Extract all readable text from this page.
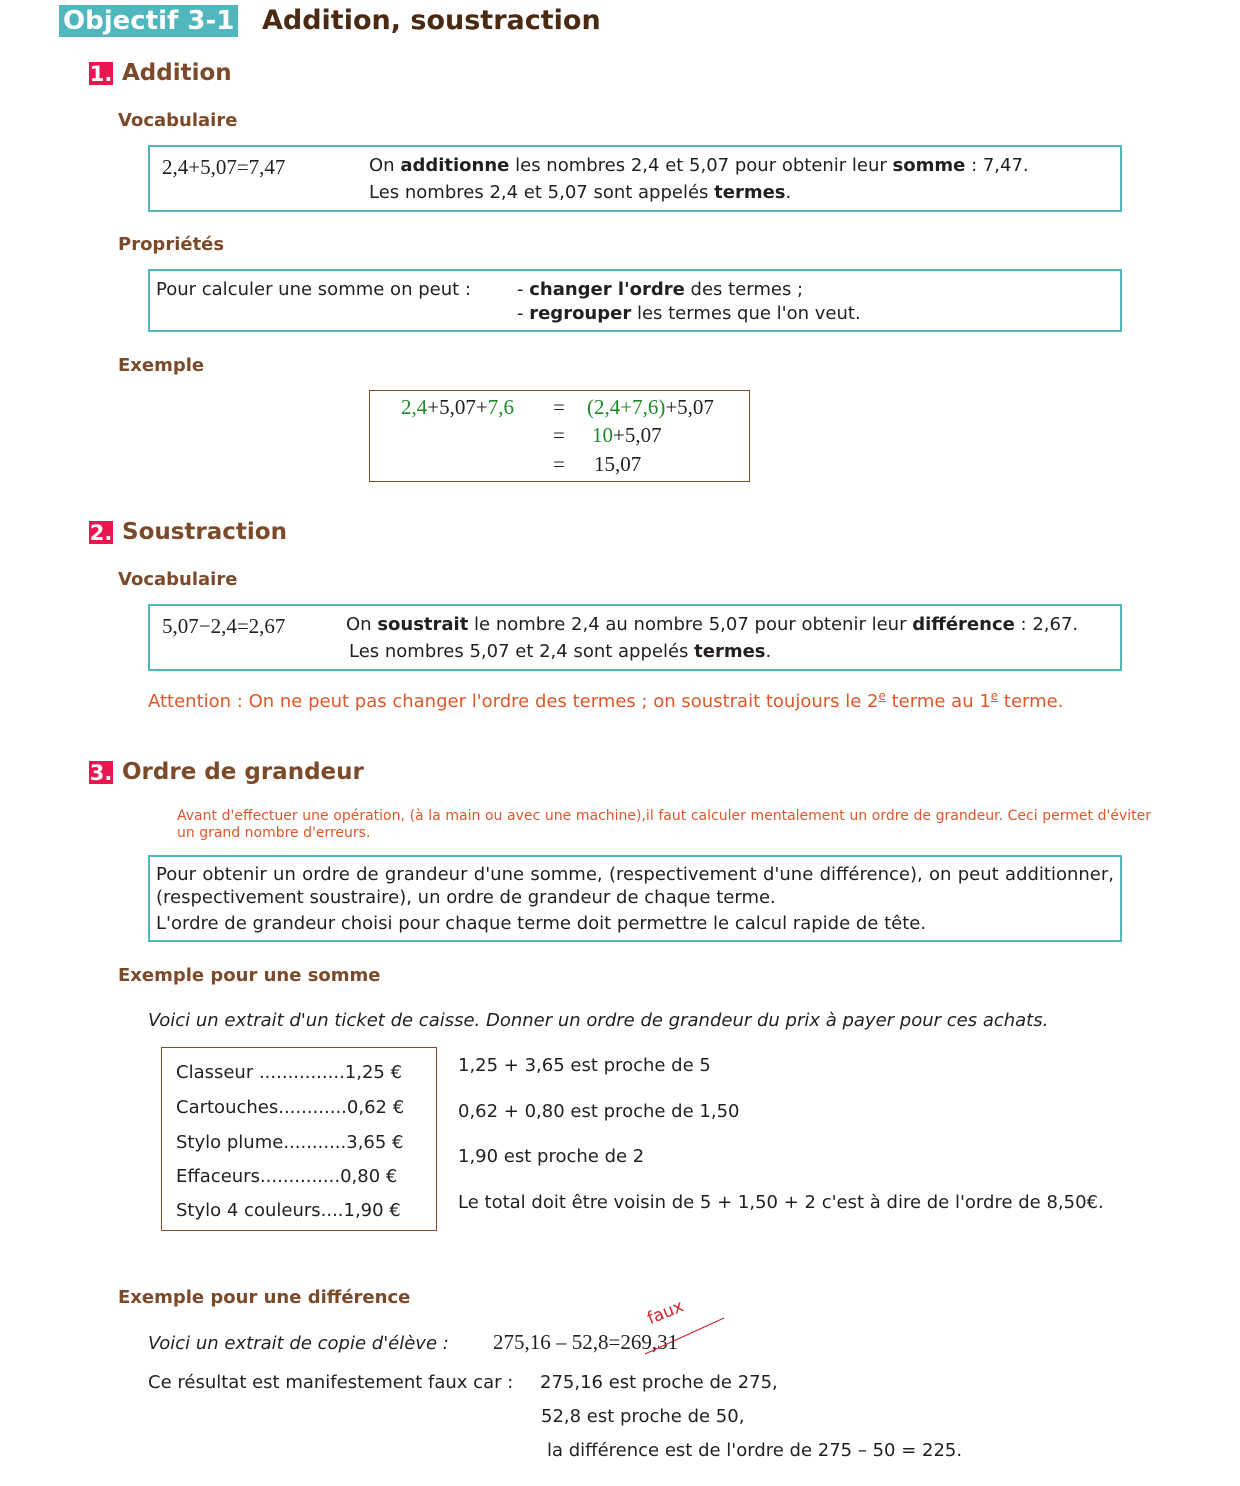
Objectif 3-1 Addition, soustraction
1. Addition
Vocabulaire
2,4+5,07=7,47	On additionne les nombres 2,4 et 5,07 pour obtenir leur somme : 7,47.
Les nombres 2,4 et 5,07 sont appelés termes.
Propriétés
Pour calculer une somme on peut :	- changer l'ordre des termes ;
- regrouper les termes que l'on veut.
Exemple
2,4+5,07+7,6 = (2,4+7,6)+5,07
= 10+5,07
= 15,07
2. Soustraction
Vocabulaire
5,07−2,4=2,67	On soustrait le nombre 2,4 au nombre 5,07 pour obtenir leur différence : 2,67.
Les nombres 5,07 et 2,4 sont appelés termes.
Attention : On ne peut pas changer l'ordre des termes ; on soustrait toujours le 2e terme au 1e terme.
3. Ordre de grandeur
Avant d'effectuer une opération, (à la main ou avec une machine),il faut calculer mentalement un ordre de grandeur. Ceci permet d'éviter un grand nombre d'erreurs.
Pour obtenir un ordre de grandeur d'une somme, (respectivement d'une différence), on peut additionner, (respectivement soustraire), un ordre de grandeur de chaque terme.
L'ordre de grandeur choisi pour chaque terme doit permettre le calcul rapide de tête.
Exemple pour une somme
Voici un extrait d'un ticket de caisse. Donner un ordre de grandeur du prix à payer pour ces achats.
Classeur ...............1,25 €
Cartouches............0,62 €
Stylo plume...........3,65 €
Effaceurs..............0,80 €
Stylo 4 couleurs....1,90 €
1,25 + 3,65 est proche de 5
0,62 + 0,80 est proche de 1,50
1,90 est proche de 2
Le total doit être voisin de 5 + 1,50 + 2 c'est à dire de l'ordre de 8,50€.
Exemple pour une différence
Voici un extrait de copie d'élève : 275,16 – 52,8=269,31
faux
Ce résultat est manifestement faux car : 275,16 est proche de 275,
52,8 est proche de 50,
la différence est de l'ordre de 275 – 50 = 225.
